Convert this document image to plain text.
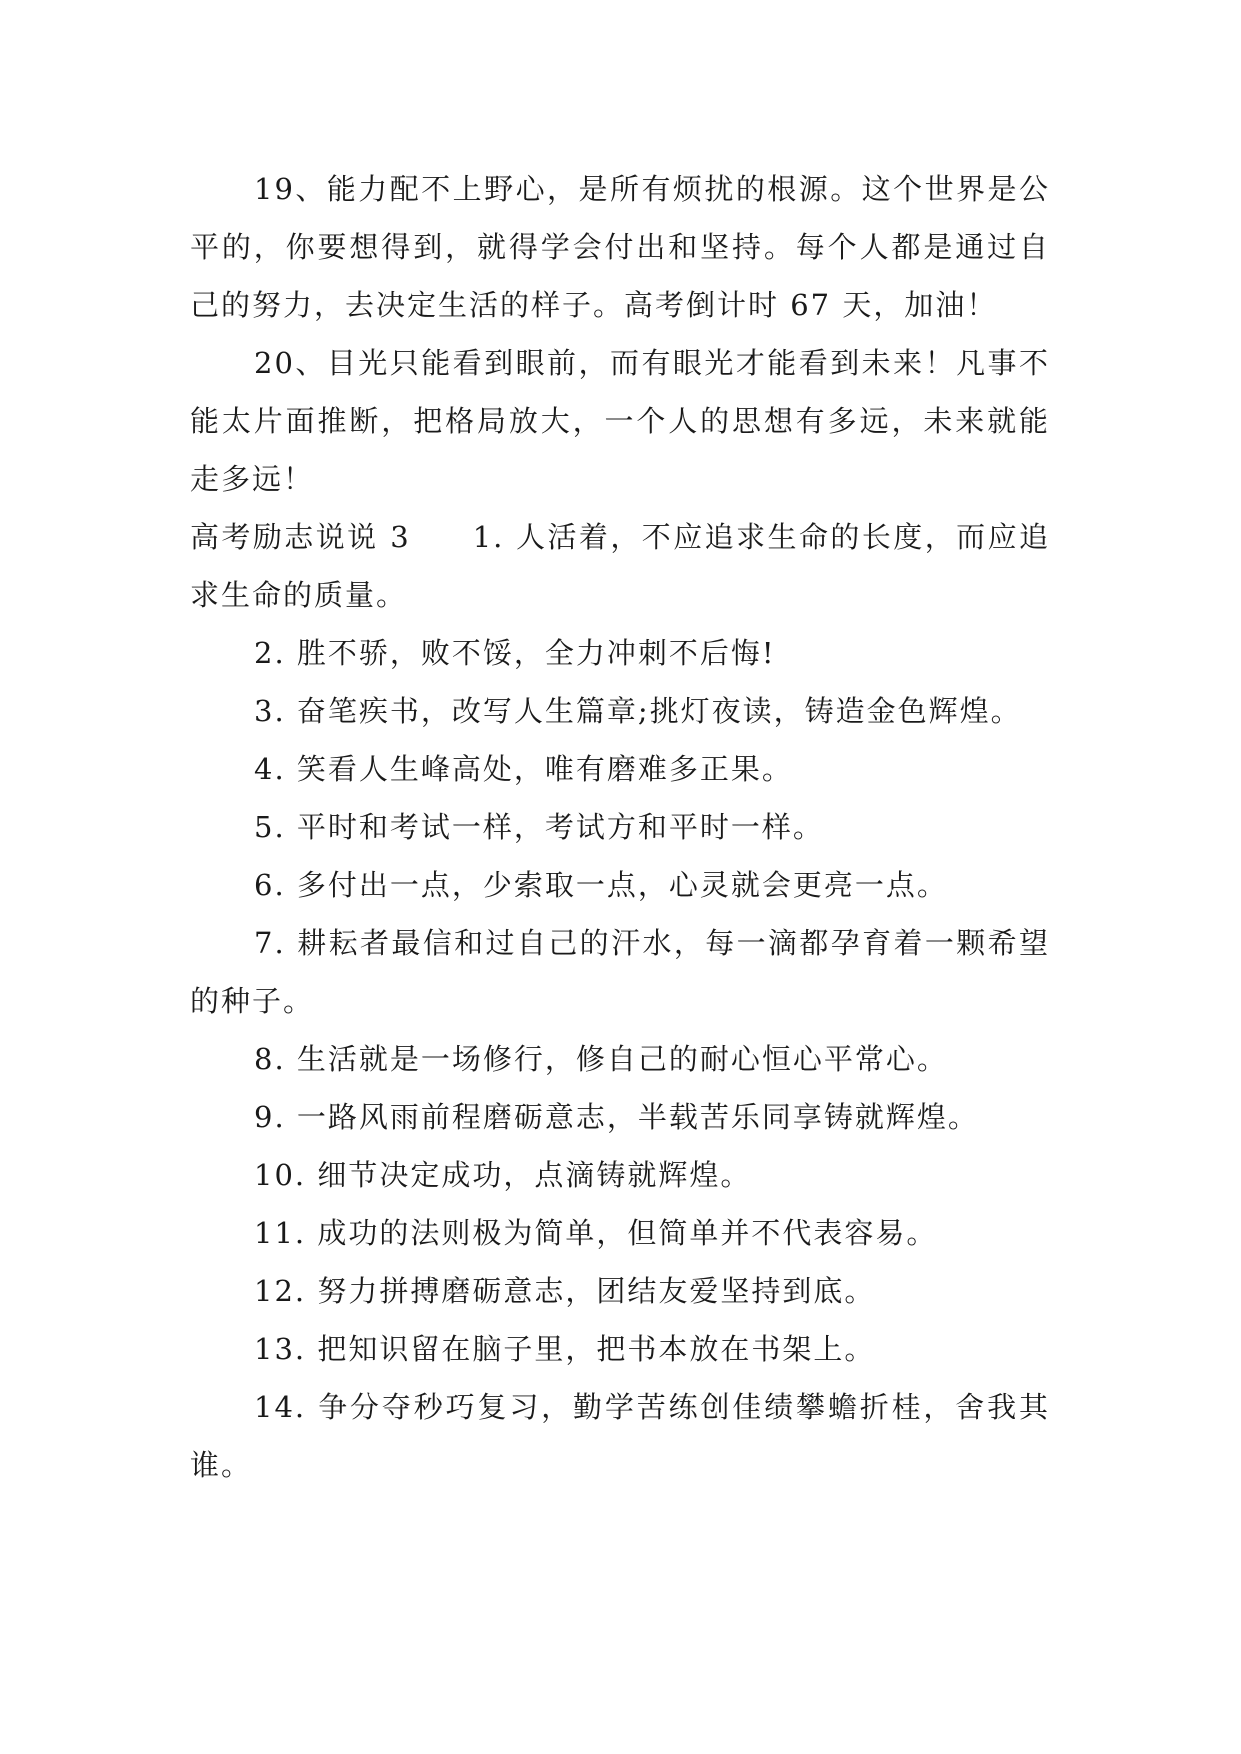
19、能力配不上野心，是所有烦扰的根源。这个世界是公平的，你要想得到，就得学会付出和坚持。每个人都是通过自己的努力，去决定生活的样子。高考倒计时 67 天，加油！

20、目光只能看到眼前，而有眼光才能看到未来！凡事不能太片面推断，把格局放大，一个人的思想有多远，未来就能走多远！

高考励志说说 3 1. 人活着，不应追求生命的长度，而应追求生命的质量。

2. 胜不骄，败不馁，全力冲刺不后悔!

3. 奋笔疾书，改写人生篇章;挑灯夜读，铸造金色辉煌。

4. 笑看人生峰高处，唯有磨难多正果。

5. 平时和考试一样，考试方和平时一样。

6. 多付出一点，少索取一点，心灵就会更亮一点。

7. 耕耘者最信和过自己的汗水，每一滴都孕育着一颗希望的种子。

8. 生活就是一场修行，修自己的耐心恒心平常心。

9. 一路风雨前程磨砺意志，半载苦乐同享铸就辉煌。

10. 细节决定成功，点滴铸就辉煌。

11. 成功的法则极为简单，但简单并不代表容易。

12. 努力拼搏磨砺意志，团结友爱坚持到底。

13. 把知识留在脑子里，把书本放在书架上。

14. 争分夺秒巧复习，勤学苦练创佳绩攀蟾折桂，舍我其谁。
